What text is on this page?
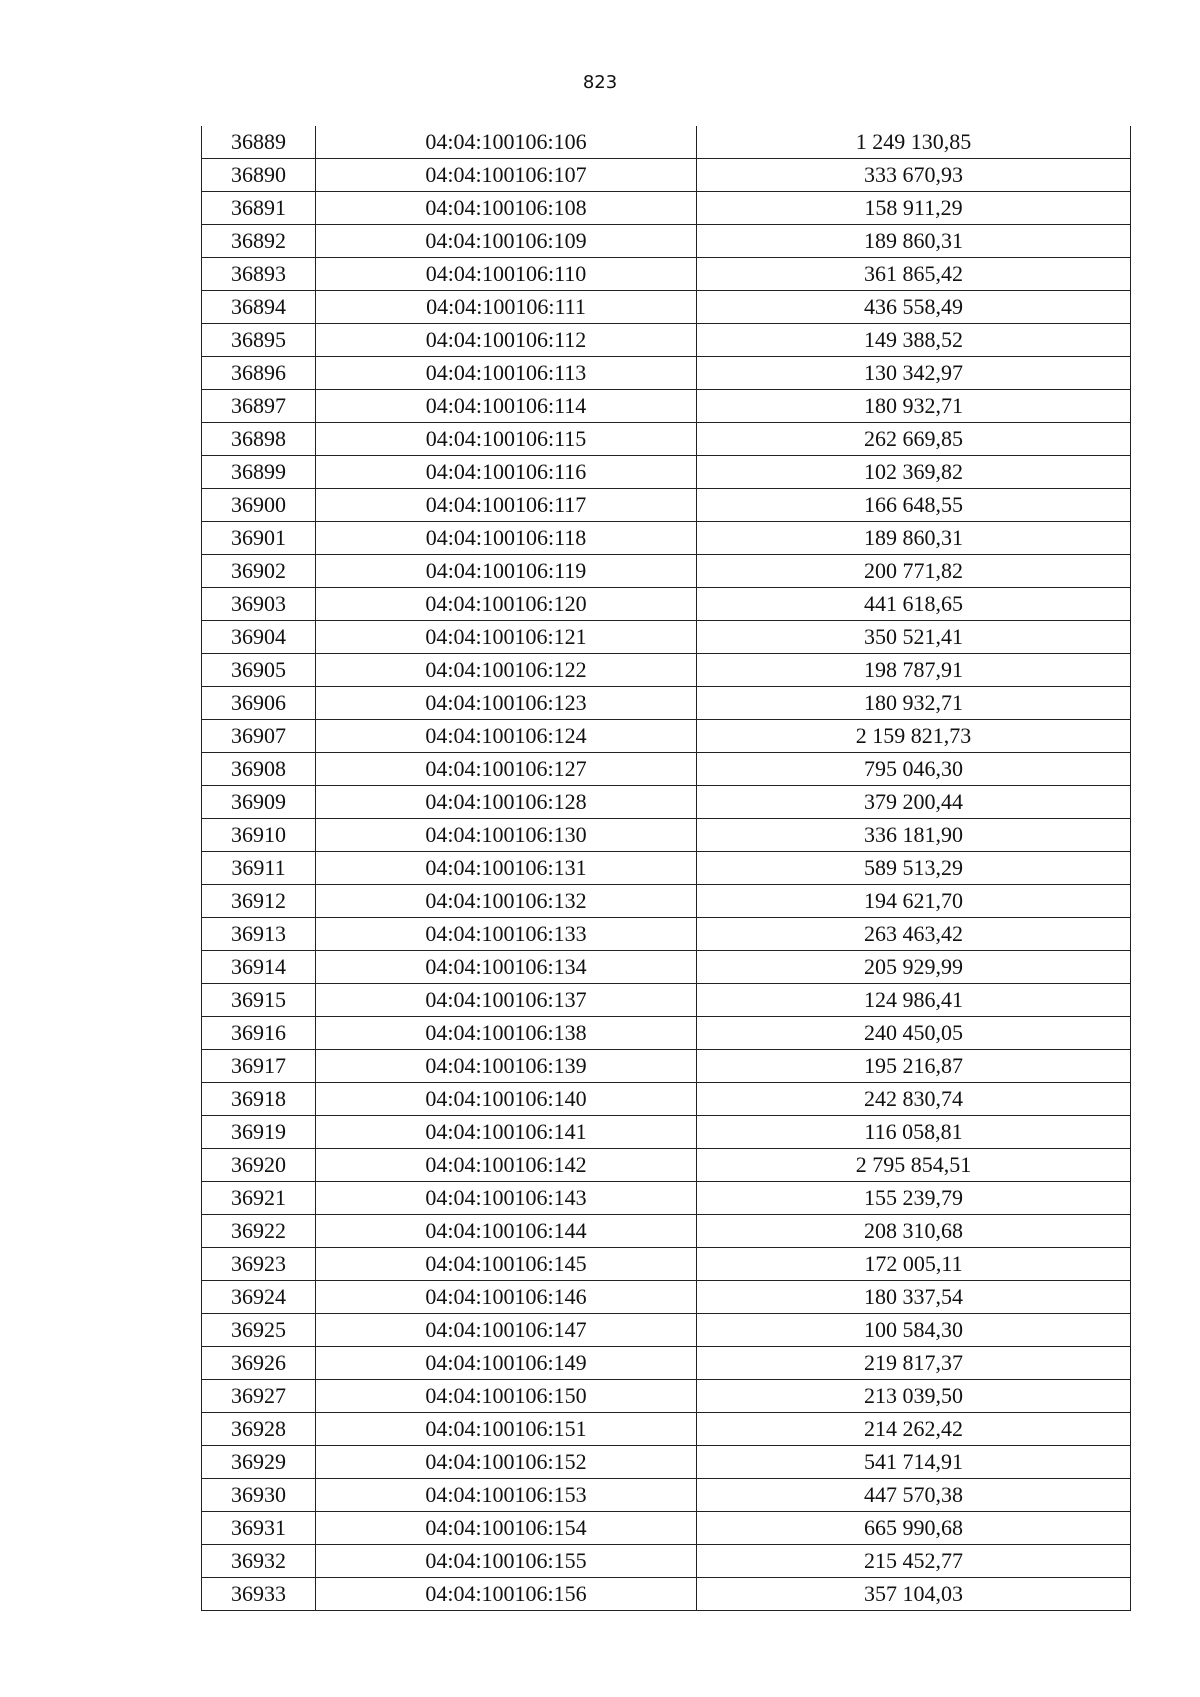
823
36889	04:04:100106:106	1 249 130,85
36890	04:04:100106:107	333 670,93
36891	04:04:100106:108	158 911,29
36892	04:04:100106:109	189 860,31
36893	04:04:100106:110	361 865,42
36894	04:04:100106:111	436 558,49
36895	04:04:100106:112	149 388,52
36896	04:04:100106:113	130 342,97
36897	04:04:100106:114	180 932,71
36898	04:04:100106:115	262 669,85
36899	04:04:100106:116	102 369,82
36900	04:04:100106:117	166 648,55
36901	04:04:100106:118	189 860,31
36902	04:04:100106:119	200 771,82
36903	04:04:100106:120	441 618,65
36904	04:04:100106:121	350 521,41
36905	04:04:100106:122	198 787,91
36906	04:04:100106:123	180 932,71
36907	04:04:100106:124	2 159 821,73
36908	04:04:100106:127	795 046,30
36909	04:04:100106:128	379 200,44
36910	04:04:100106:130	336 181,90
36911	04:04:100106:131	589 513,29
36912	04:04:100106:132	194 621,70
36913	04:04:100106:133	263 463,42
36914	04:04:100106:134	205 929,99
36915	04:04:100106:137	124 986,41
36916	04:04:100106:138	240 450,05
36917	04:04:100106:139	195 216,87
36918	04:04:100106:140	242 830,74
36919	04:04:100106:141	116 058,81
36920	04:04:100106:142	2 795 854,51
36921	04:04:100106:143	155 239,79
36922	04:04:100106:144	208 310,68
36923	04:04:100106:145	172 005,11
36924	04:04:100106:146	180 337,54
36925	04:04:100106:147	100 584,30
36926	04:04:100106:149	219 817,37
36927	04:04:100106:150	213 039,50
36928	04:04:100106:151	214 262,42
36929	04:04:100106:152	541 714,91
36930	04:04:100106:153	447 570,38
36931	04:04:100106:154	665 990,68
36932	04:04:100106:155	215 452,77
36933	04:04:100106:156	357 104,03
